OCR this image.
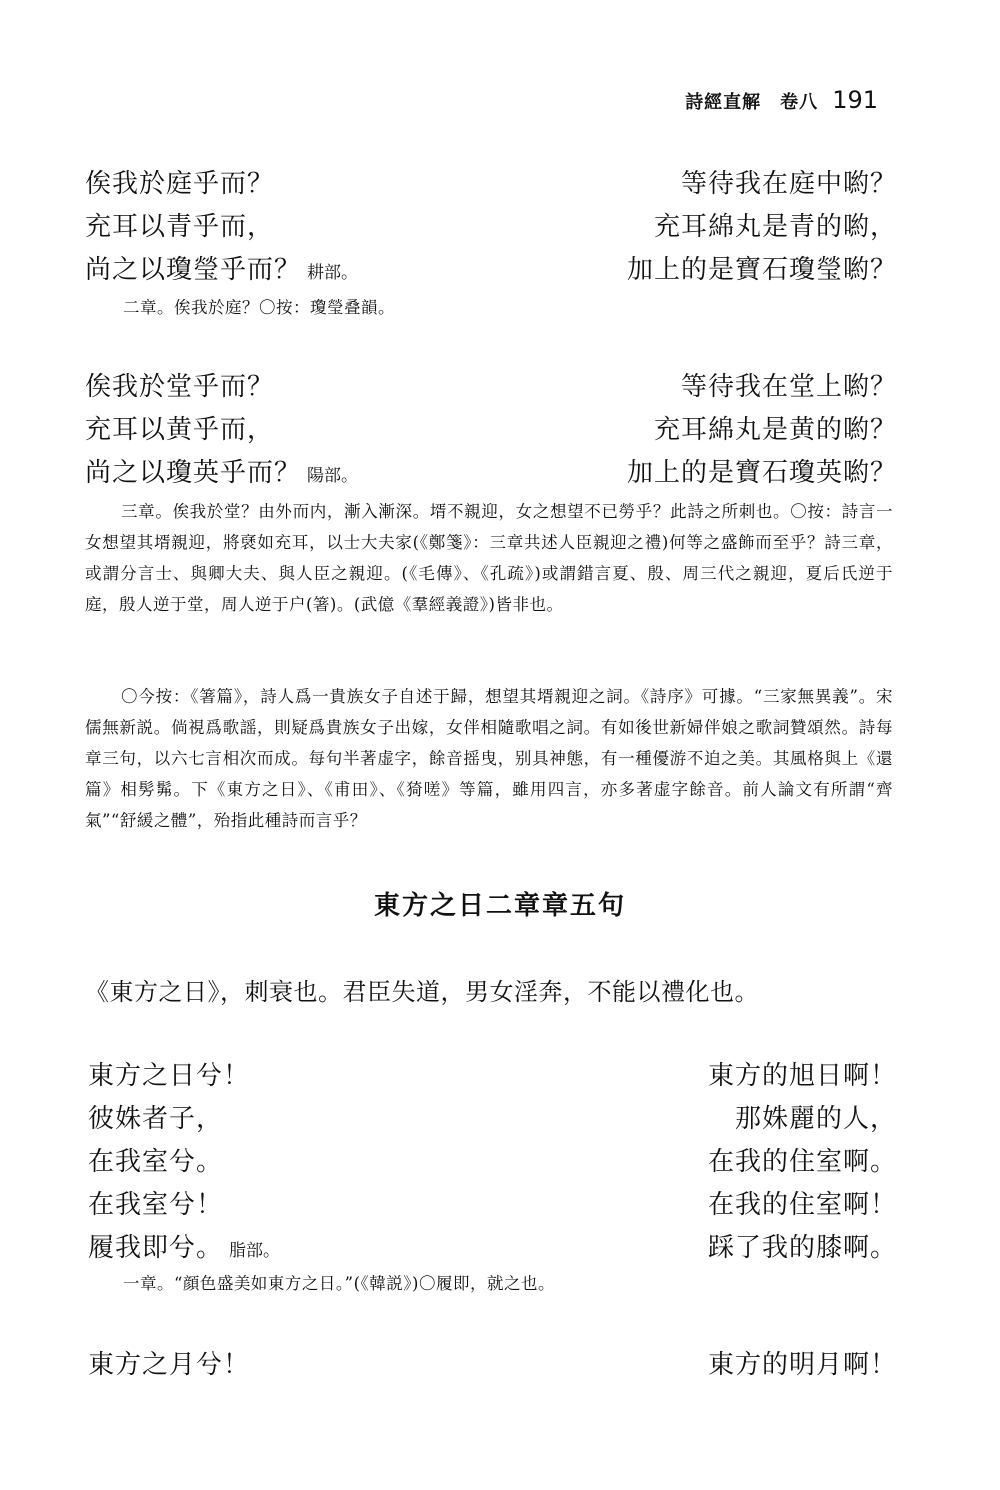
詩經直解　卷八 191
俟我於庭乎而？	等待我在庭中喲？
充耳以青乎而，	充耳綿丸是青的喲，
尚之以瓊瑩乎而？ 耕部。	加上的是寶石瓊瑩喲？
二章。俟我於庭？〇按：瓊瑩叠韻。
俟我於堂乎而？	等待我在堂上喲？
充耳以黄乎而，	充耳綿丸是黄的喲？
尚之以瓊英乎而？ 陽部。	加上的是寶石瓊英喲？

三章。俟我於堂？由外而内，漸入漸深。壻不親迎，女之想望不已勞乎？此詩之所刺也。〇按：詩言一女想望其壻親迎，將褎如充耳，以士大夫家(《鄭箋》：三章共述人臣親迎之禮)何等之盛飾而至乎？詩三章，或謂分言士、與卿大夫、與人臣之親迎。(《毛傳》、《孔疏》)或謂錯言夏、殷、周三代之親迎，夏后氏逆于庭，殷人逆于堂，周人逆于户(箸)。(武億《羣經義證》)皆非也。

〇今按：《箸篇》，詩人爲一貴族女子自述于歸，想望其壻親迎之詞。《詩序》可據。“三家無異義”。宋儒無新説。倘視爲歌謡，則疑爲貴族女子出嫁，女伴相隨歌唱之詞。有如後世新婦伴娘之歌詞贊頌然。詩每章三句，以六七言相次而成。每句半著虚字，餘音摇曳，别具神態，有一種優游不迫之美。其風格與上《還篇》相髣髴。下《東方之日》、《甫田》、《猗嗟》等篇，雖用四言，亦多著虚字餘音。前人論文有所謂“齊氣”“舒緩之體”，殆指此種詩而言乎？

東方之日二章章五句
《東方之日》，刺衰也。君臣失道，男女淫奔，不能以禮化也。
東方之日兮！	東方的旭日啊！
彼姝者子，	那姝麗的人，
在我室兮。	在我的住室啊。
在我室兮！	在我的住室啊！
履我即兮。 脂部。	踩了我的膝啊。
一章。“顔色盛美如東方之日。”(《韓説》)〇履即，就之也。
東方之月兮！	東方的明月啊！
